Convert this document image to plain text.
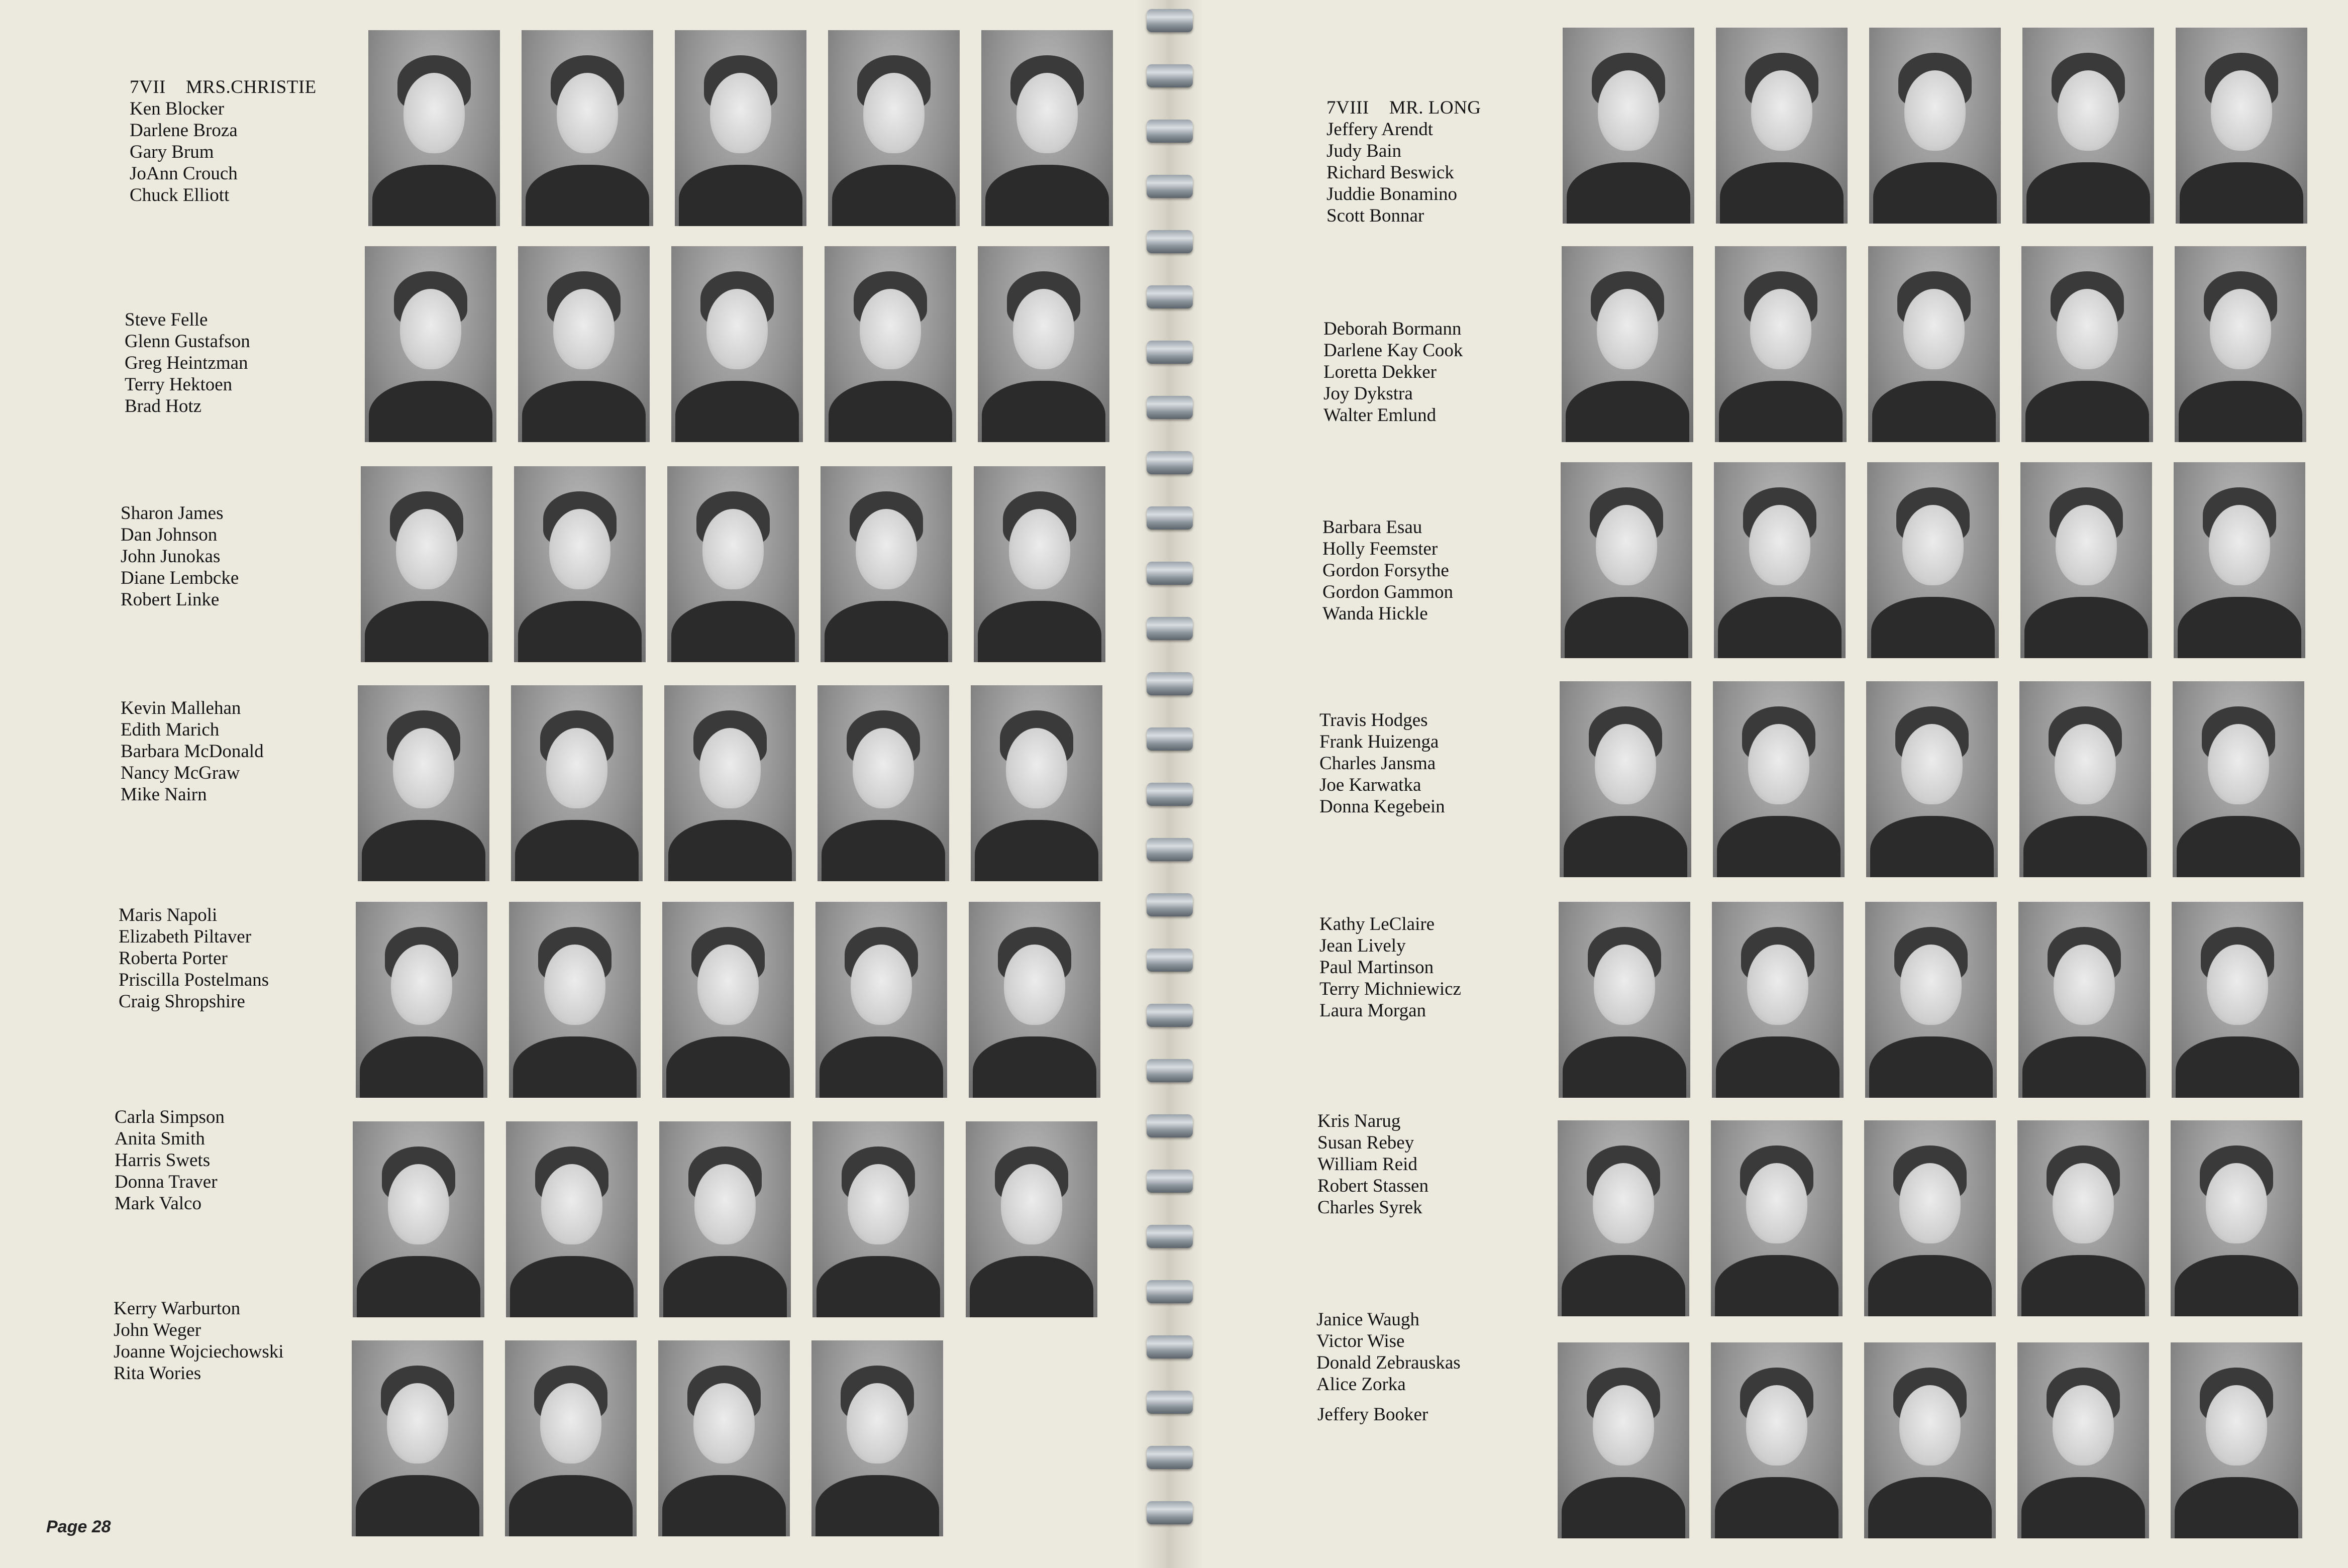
7VII MRS.CHRISTIE
Ken Blocker
Darlene Broza
Gary Brum
JoAnn Crouch
Chuck Elliott
Steve Felle
Glenn Gustafson
Greg Heintzman
Terry Hektoen
Brad Hotz
Sharon James
Dan Johnson
John Junokas
Diane Lembcke
Robert Linke
Kevin Mallehan
Edith Marich
Barbara McDonald
Nancy McGraw
Mike Nairn
Maris Napoli
Elizabeth Piltaver
Roberta Porter
Priscilla Postelmans
Craig Shropshire
Carla Simpson
Anita Smith
Harris Swets
Donna Traver
Mark Valco
Kerry Warburton
John Weger
Joanne Wojciechowski
Rita Wories
7VIII MR. LONG
Jeffery Arendt
Judy Bain
Richard Beswick
Juddie Bonamino
Scott Bonnar
Deborah Bormann
Darlene Kay Cook
Loretta Dekker
Joy Dykstra
Walter Emlund
Barbara Esau
Holly Feemster
Gordon Forsythe
Gordon Gammon
Wanda Hickle
Travis Hodges
Frank Huizenga
Charles Jansma
Joe Karwatka
Donna Kegebein
Kathy LeClaire
Jean Lively
Paul Martinson
Terry Michniewicz
Laura Morgan
Kris Narug
Susan Rebey
William Reid
Robert Stassen
Charles Syrek
Janice Waugh
Victor Wise
Donald Zebrauskas
Alice Zorka
Jeffery Booker
Page 28
